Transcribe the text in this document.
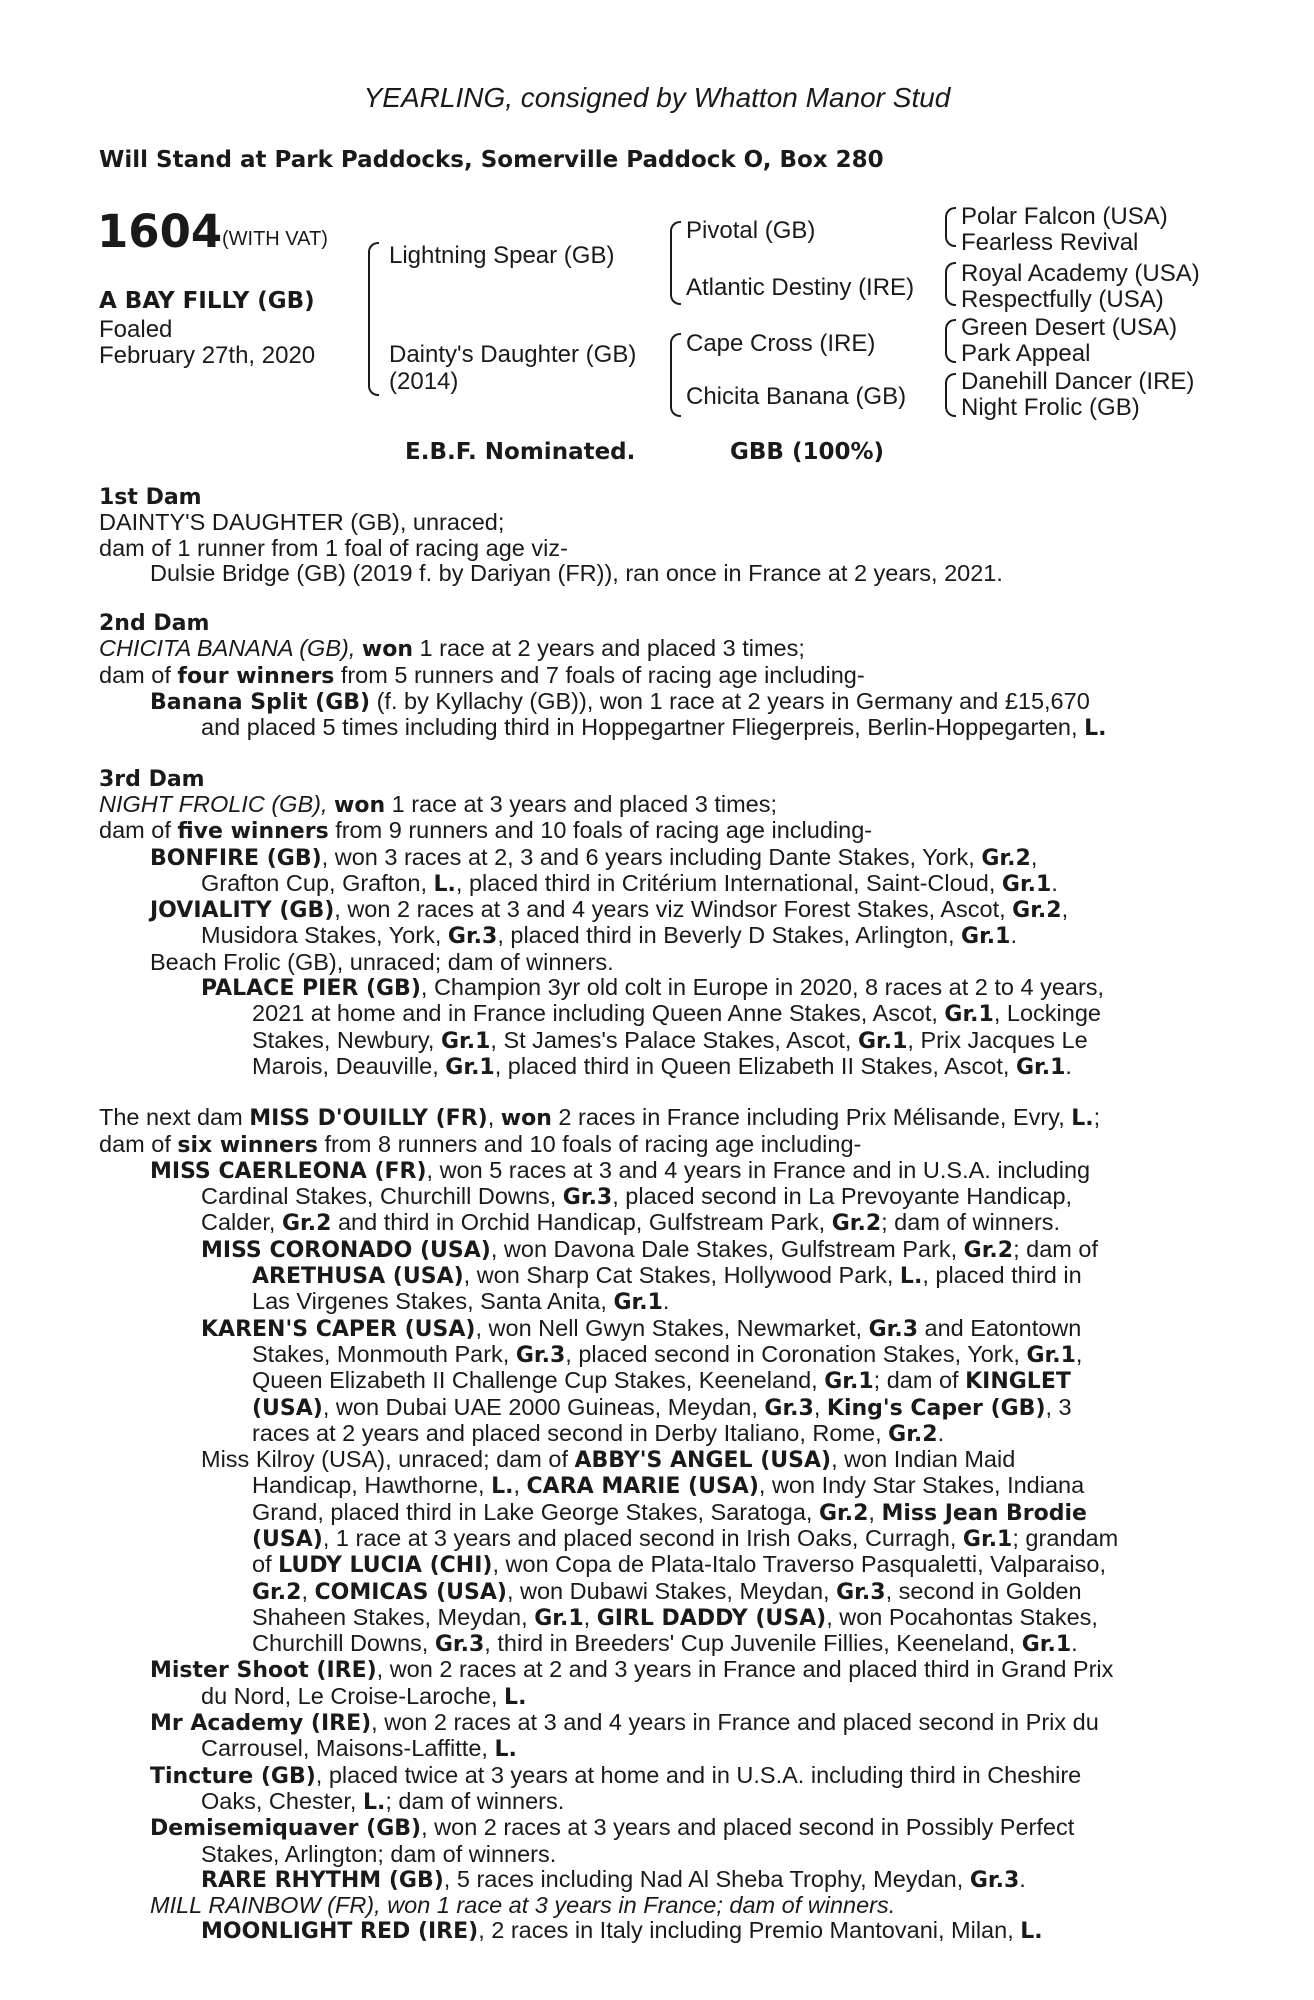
YEARLING, consigned by Whatton Manor Stud
Will Stand at Park Paddocks, Somerville Paddock O, Box 280
1604 (WITH VAT)
A BAY FILLY (GB)
Foaled
February 27th, 2020
Lightning Spear (GB)
Dainty's Daughter (GB)
(2014)
Pivotal (GB)
Atlantic Destiny (IRE)
Cape Cross (IRE)
Chicita Banana (GB)
Polar Falcon (USA)
Fearless Revival
Royal Academy (USA)
Respectfully (USA)
Green Desert (USA)
Park Appeal
Danehill Dancer (IRE)
Night Frolic (GB)
E.B.F. Nominated.	GBB (100%)

1st Dam

DAINTY'S DAUGHTER (GB), unraced;

dam of 1 runner from 1 foal of racing age viz-

Dulsie Bridge (GB) (2019 f. by Dariyan (FR)), ran once in France at 2 years, 2021.

2nd Dam

CHICITA BANANA (GB), won 1 race at 2 years and placed 3 times;

dam of four winners from 5 runners and 7 foals of racing age including-

Banana Split (GB) (f. by Kyllachy (GB)), won 1 race at 2 years in Germany and £15,670

and placed 5 times including third in Hoppegartner Fliegerpreis, Berlin-Hoppegarten, L.

3rd Dam

NIGHT FROLIC (GB), won 1 race at 3 years and placed 3 times;

dam of five winners from 9 runners and 10 foals of racing age including-

BONFIRE (GB), won 3 races at 2, 3 and 6 years including Dante Stakes, York, Gr.2,

Grafton Cup, Grafton, L., placed third in Critérium International, Saint-Cloud, Gr.1.

JOVIALITY (GB), won 2 races at 3 and 4 years viz Windsor Forest Stakes, Ascot, Gr.2,

Musidora Stakes, York, Gr.3, placed third in Beverly D Stakes, Arlington, Gr.1.

Beach Frolic (GB), unraced; dam of winners.

PALACE PIER (GB), Champion 3yr old colt in Europe in 2020, 8 races at 2 to 4 years,

2021 at home and in France including Queen Anne Stakes, Ascot, Gr.1, Lockinge

Stakes, Newbury, Gr.1, St James's Palace Stakes, Ascot, Gr.1, Prix Jacques Le

Marois, Deauville, Gr.1, placed third in Queen Elizabeth II Stakes, Ascot, Gr.1.

The next dam MISS D'OUILLY (FR), won 2 races in France including Prix Mélisande, Evry, L.;

dam of six winners from 8 runners and 10 foals of racing age including-

MISS CAERLEONA (FR), won 5 races at 3 and 4 years in France and in U.S.A. including

Cardinal Stakes, Churchill Downs, Gr.3, placed second in La Prevoyante Handicap,

Calder, Gr.2 and third in Orchid Handicap, Gulfstream Park, Gr.2; dam of winners.

MISS CORONADO (USA), won Davona Dale Stakes, Gulfstream Park, Gr.2; dam of

ARETHUSA (USA), won Sharp Cat Stakes, Hollywood Park, L., placed third in

Las Virgenes Stakes, Santa Anita, Gr.1.

KAREN'S CAPER (USA), won Nell Gwyn Stakes, Newmarket, Gr.3 and Eatontown

Stakes, Monmouth Park, Gr.3, placed second in Coronation Stakes, York, Gr.1,

Queen Elizabeth II Challenge Cup Stakes, Keeneland, Gr.1; dam of KINGLET

(USA), won Dubai UAE 2000 Guineas, Meydan, Gr.3, King's Caper (GB), 3

races at 2 years and placed second in Derby Italiano, Rome, Gr.2.

Miss Kilroy (USA), unraced; dam of ABBY'S ANGEL (USA), won Indian Maid

Handicap, Hawthorne, L., CARA MARIE (USA), won Indy Star Stakes, Indiana

Grand, placed third in Lake George Stakes, Saratoga, Gr.2, Miss Jean Brodie

(USA), 1 race at 3 years and placed second in Irish Oaks, Curragh, Gr.1; grandam

of LUDY LUCIA (CHI), won Copa de Plata-Italo Traverso Pasqualetti, Valparaiso,

Gr.2, COMICAS (USA), won Dubawi Stakes, Meydan, Gr.3, second in Golden

Shaheen Stakes, Meydan, Gr.1, GIRL DADDY (USA), won Pocahontas Stakes,

Churchill Downs, Gr.3, third in Breeders' Cup Juvenile Fillies, Keeneland, Gr.1.

Mister Shoot (IRE), won 2 races at 2 and 3 years in France and placed third in Grand Prix

du Nord, Le Croise-Laroche, L.

Mr Academy (IRE), won 2 races at 3 and 4 years in France and placed second in Prix du

Carrousel, Maisons-Laffitte, L.

Tincture (GB), placed twice at 3 years at home and in U.S.A. including third in Cheshire

Oaks, Chester, L.; dam of winners.

Demisemiquaver (GB), won 2 races at 3 years and placed second in Possibly Perfect

Stakes, Arlington; dam of winners.

RARE RHYTHM (GB), 5 races including Nad Al Sheba Trophy, Meydan, Gr.3.

MILL RAINBOW (FR), won 1 race at 3 years in France; dam of winners.

MOONLIGHT RED (IRE), 2 races in Italy including Premio Mantovani, Milan, L.
